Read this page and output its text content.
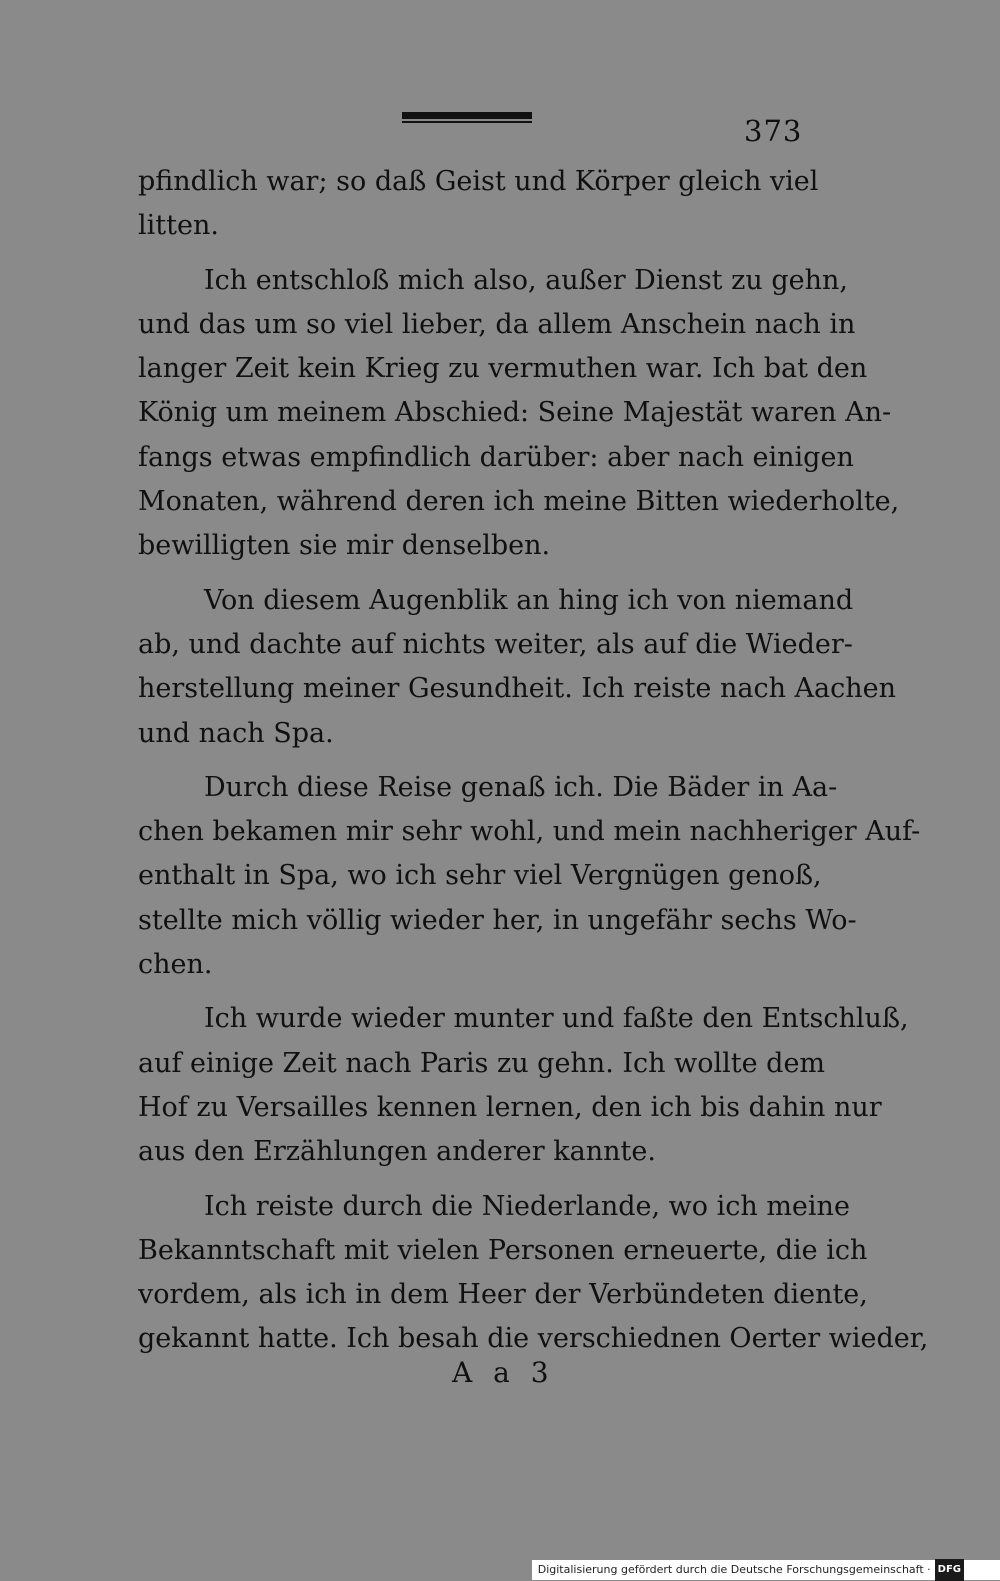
373
pfindlich war; so daß Geist und Körper gleich viel
litten.
Ich entschloß mich also, außer Dienst zu gehn,
und das um so viel lieber, da allem Anschein nach in
langer Zeit kein Krieg zu vermuthen war. Ich bat den
König um meinem Abschied: Seine Majestät waren An-
fangs etwas empfindlich darüber: aber nach einigen
Monaten, während deren ich meine Bitten wiederholte,
bewilligten sie mir denselben.
Von diesem Augenblik an hing ich von niemand
ab, und dachte auf nichts weiter, als auf die Wieder-
herstellung meiner Gesundheit. Ich reiste nach Aachen
und nach Spa.
Durch diese Reise genaß ich. Die Bäder in Aa-
chen bekamen mir sehr wohl, und mein nachheriger Auf-
enthalt in Spa, wo ich sehr viel Vergnügen genoß,
stellte mich völlig wieder her, in ungefähr sechs Wo-
chen.
Ich wurde wieder munter und faßte den Entschluß,
auf einige Zeit nach Paris zu gehn. Ich wollte dem
Hof zu Versailles kennen lernen, den ich bis dahin nur
aus den Erzählungen anderer kannte.
Ich reiste durch die Niederlande, wo ich meine
Bekanntschaft mit vielen Personen erneuerte, die ich
vordem, als ich in dem Heer der Verbündeten diente,
gekannt hatte. Ich besah die verschiednen Oerter wieder,
A a 3
Digitalisierung gefördert durch die Deutsche Forschungsgemeinschaft · DFG
